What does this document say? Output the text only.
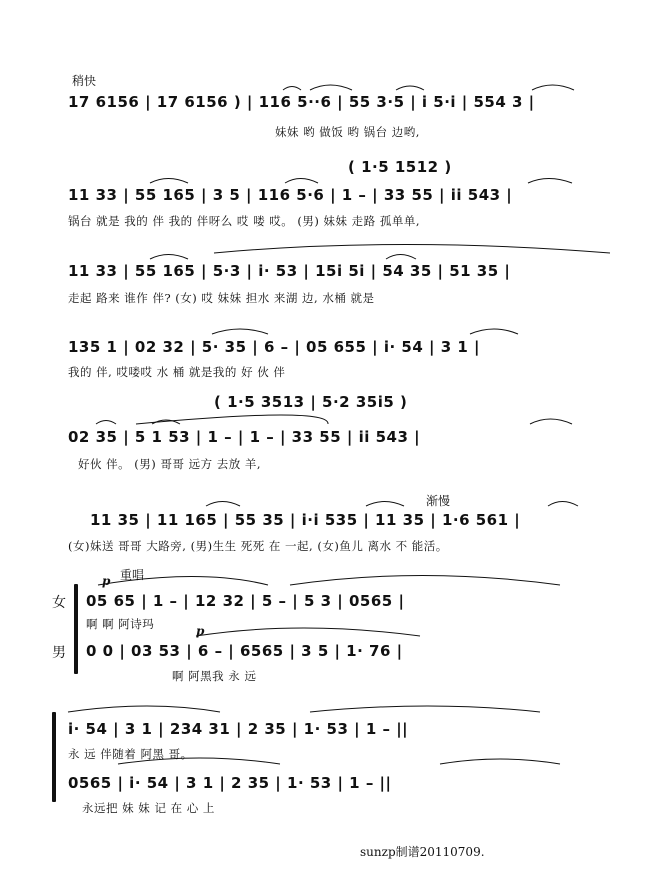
稍快
17 6156 | 17 6156 ) | 116 5··6 | 55 3·5 | i 5·i | 554 3 |
妹妹 哟 做饭 哟 锅台 边哟,
( 1·5 1512 )
11 33 | 55 165 | 3 5 | 116 5·6 | 1 – | 33 55 | ii 543 |
锅台 就是 我的 伴 我的 伴呀么 哎 喽 哎。 (男) 妹妹 走路 孤单单,
11 33 | 55 165 | 5·3 | i· 53 | 15i 5i | 54 35 | 51 35 |
走起 路来 谁作 伴? (女) 哎 妹妹 担水 来湖 边, 水桶 就是
135 1 | 02 32 | 5· 35 | 6 – | 05 655 | i· 54 | 3 1 |
我的 伴, 哎喽哎 水 桶 就是我的 好 伙 伴
( 1·5 3513 | 5·2 35i5 )
02 35 | 5 1 53 | 1 – | 1 – | 33 55 | ii 543 |
好伙 伴。 (男) 哥哥 远方 去放 羊,
渐慢
11 35 | 11 165 | 55 35 | i·i 535 | 11 35 | 1·6 561 |
(女)妹送 哥哥 大路旁, (男)生生 死死 在 一起, (女)鱼儿 离水 不 能活。
重唱
p
p
女
男
05 65 | 1 – | 12 32 | 5 – | 5 3 | 0565 |
啊 啊 阿诗玛
0 0 | 03 53 | 6 – | 6565 | 3 5 | 1· 76 |
啊 阿黑我 永 远
i· 54 | 3 1 | 234 31 | 2 35 | 1· 53 | 1 – ||
永 远 伴随着 阿黑 哥。
0565 | i· 54 | 3 1 | 2 35 | 1· 53 | 1 – ||
永远把 妹 妹 记 在 心 上
sunzp制谱20110709.
